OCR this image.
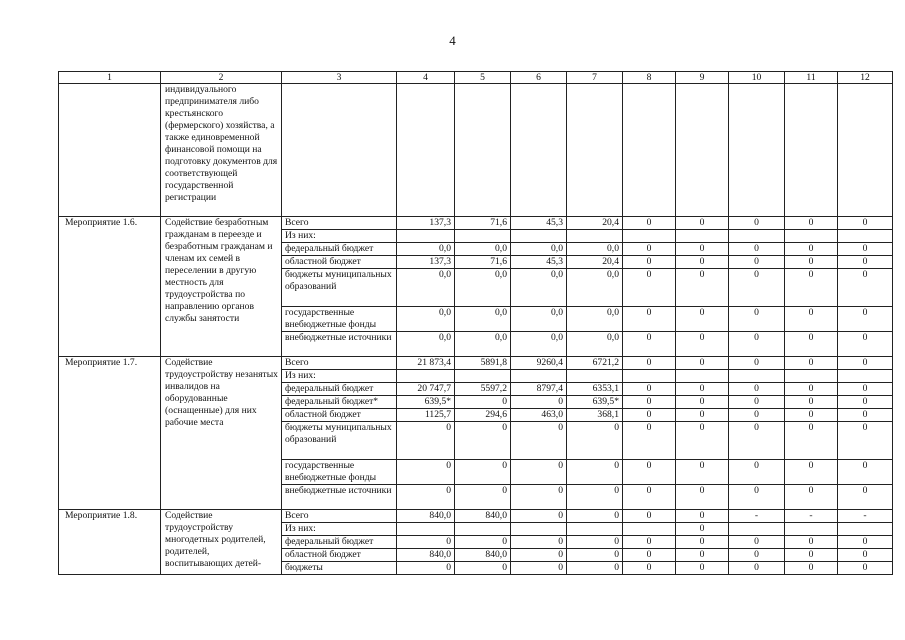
4
1	2	3	4	5	6	7	8	9	10	11	12
	индивидуального предпринимателя либо крестьянского (фермерского) хозяйства, а также единовременной финансовой помощи на подготовку документов для соответствующей государственной регистрации										
Мероприятие 1.6.	Содействие безработным гражданам в переезде и безработным гражданам и членам их семей в переселении в другую местность для трудоустройства по направлению органов службы занятости	Всего	137,3	71,6	45,3	20,4	0	0	0	0	0
		Из них:									
		федеральный бюджет	0,0	0,0	0,0	0,0	0	0	0	0	0
		областной бюджет	137,3	71,6	45,3	20,4	0	0	0	0	0
		бюджеты муниципальных образований	0,0	0,0	0,0	0,0	0	0	0	0	0
		государственные внебюджетные фонды	0,0	0,0	0,0	0,0	0	0	0	0	0
		внебюджетные источники	0,0	0,0	0,0	0,0	0	0	0	0	0
Мероприятие 1.7.	Содействие трудоустройству незанятых инвалидов на оборудованные (оснащенные) для них рабочие места	Всего	21 873,4	5891,8	9260,4	6721,2	0	0	0	0	0
		Из них:									
		федеральный бюджет	20 747,7	5597,2	8797,4	6353,1	0	0	0	0	0
		федеральный бюджет*	639,5*	0	0	639,5*	0	0	0	0	0
		областной бюджет	1125,7	294,6	463,0	368,1	0	0	0	0	0
		бюджеты муниципальных образований	0	0	0	0	0	0	0	0	0
		государственные внебюджетные фонды	0	0	0	0	0	0	0	0	0
		внебюджетные источники	0	0	0	0	0	0	0	0	0
Мероприятие 1.8.	Содействие трудоустройству многодетных родителей, родителей, воспитывающих детей-	Всего	840,0	840,0	0	0	0	0	-	-	-
		Из них:						0			
		федеральный бюджет	0	0	0	0	0	0	0	0	0
		областной бюджет	840,0	840,0	0	0	0	0	0	0	0
		бюджеты	0	0	0	0	0	0	0	0	0
